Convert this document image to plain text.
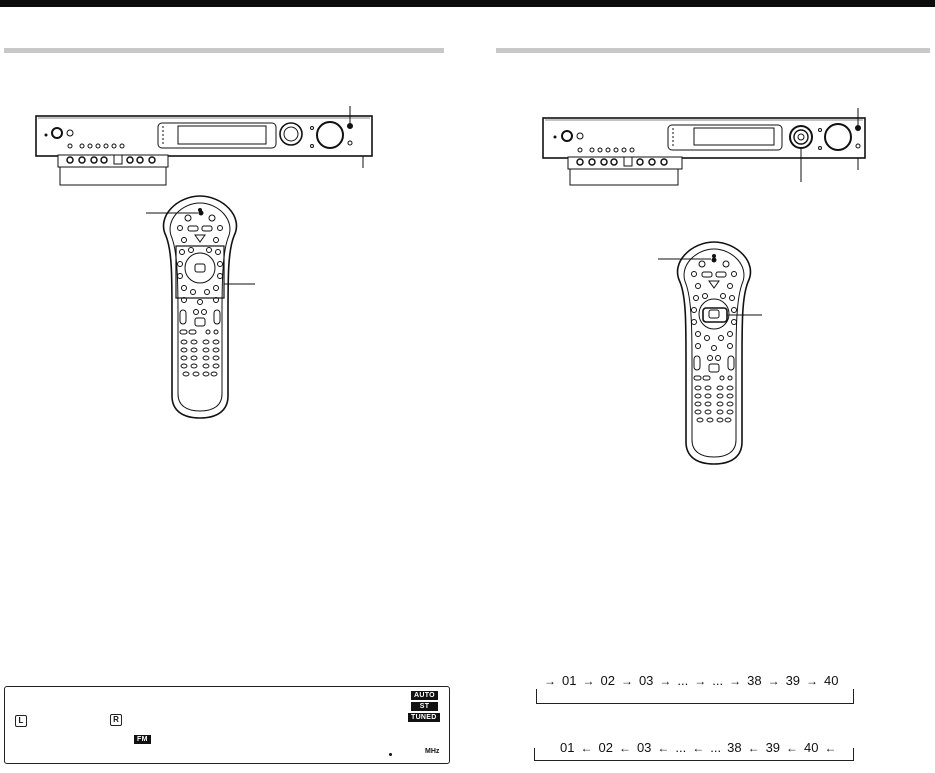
AUTO
ST
TUNED
L	R
FM
MHz
→ 01 → 02 → 03 → ... → ... → 38 → 39 → 40
01 ← 02 ← 03 ← ... ← ... 38 ← 39 ← 40 ←
